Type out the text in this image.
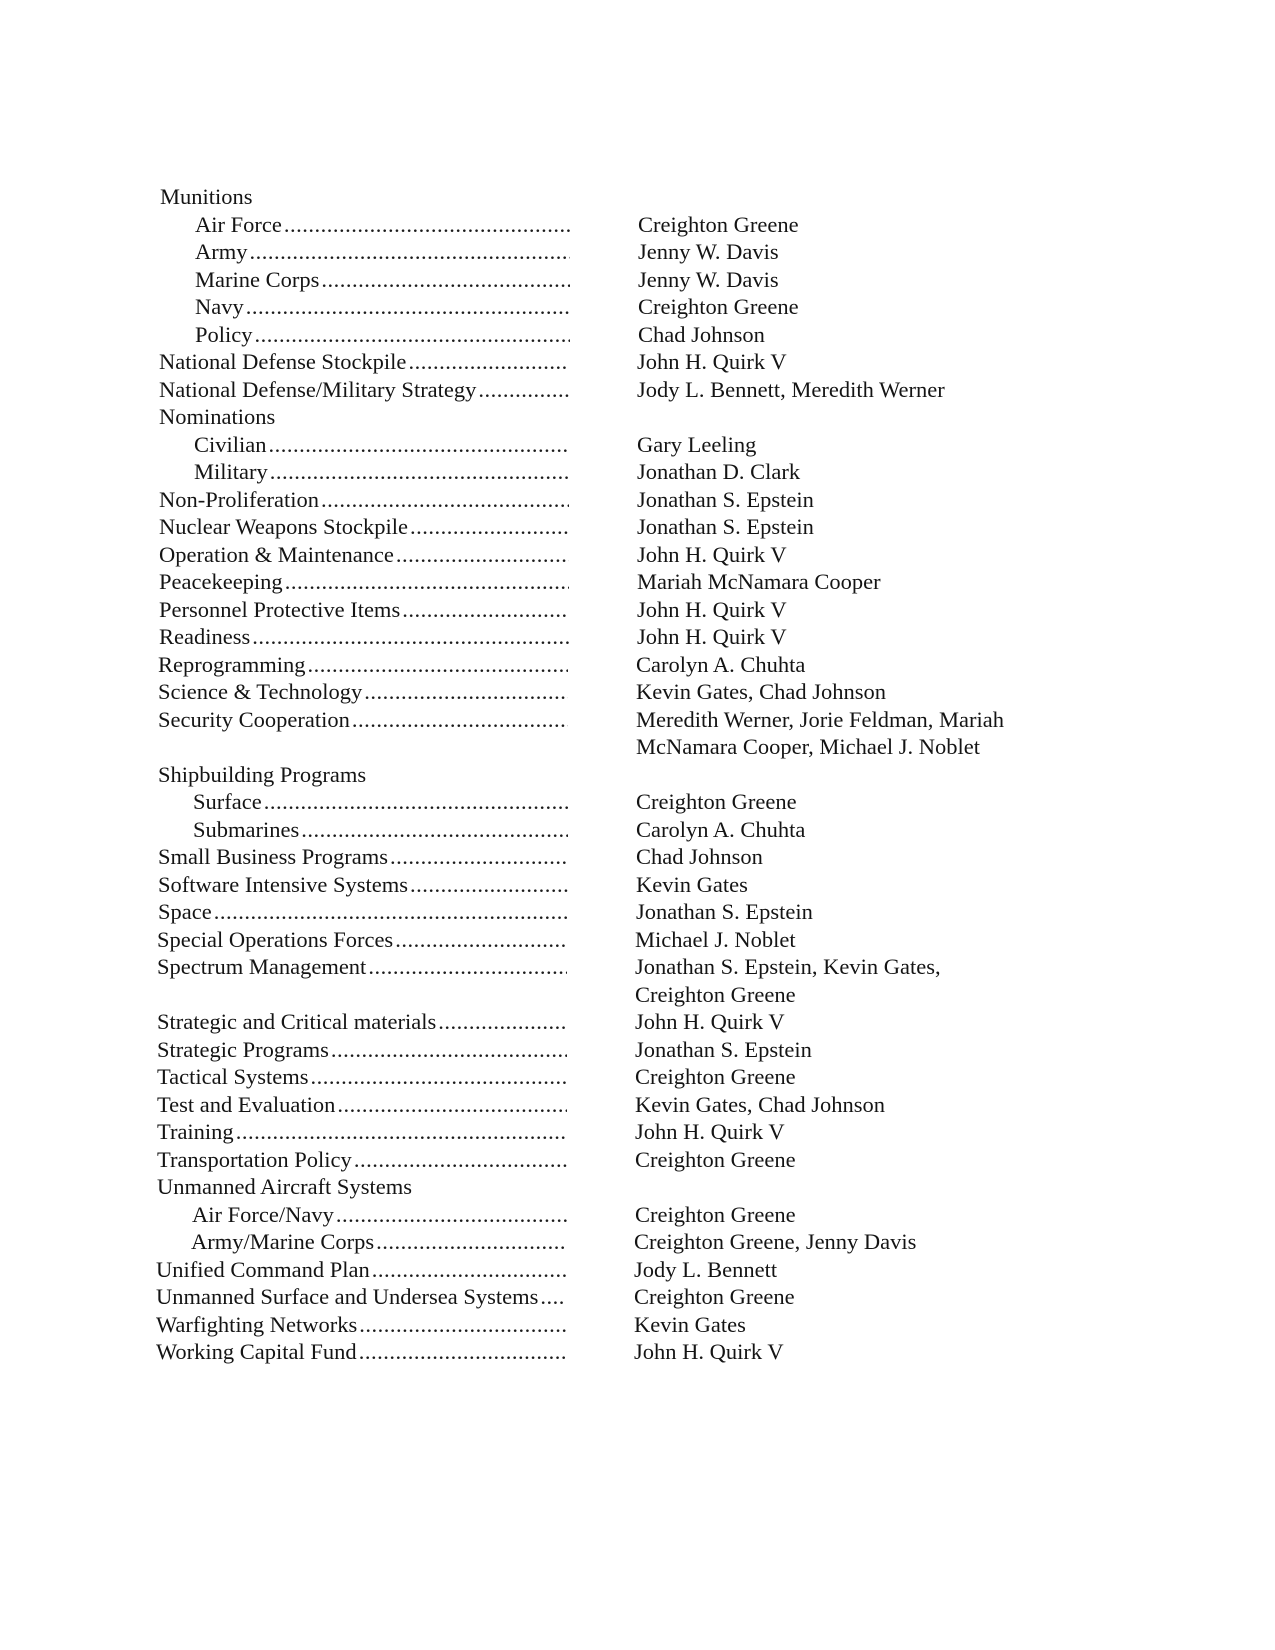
Munitions
Air Force .....	Creighton Greene
Army .....	Jenny W. Davis
Marine Corps .....	Jenny W. Davis
Navy .....	Creighton Greene
Policy .....	Chad Johnson
National Defense Stockpile .....	John H. Quirk V
National Defense/Military Strategy .....	Jody L. Bennett, Meredith Werner
Nominations
Civilian .....	Gary Leeling
Military .....	Jonathan D. Clark
Non-Proliferation .....	Jonathan S. Epstein
Nuclear Weapons Stockpile .....	Jonathan S. Epstein
Operation & Maintenance .....	John H. Quirk V
Peacekeeping .....	Mariah McNamara Cooper
Personnel Protective Items .....	John H. Quirk V
Readiness .....	John H. Quirk V
Reprogramming .....	Carolyn A. Chuhta
Science & Technology .....	Kevin Gates, Chad Johnson
Security Cooperation .....	Meredith Werner, Jorie Feldman, Mariah
McNamara Cooper, Michael J. Noblet
Shipbuilding Programs
Surface .....	Creighton Greene
Submarines .....	Carolyn A. Chuhta
Small Business Programs .....	Chad Johnson
Software Intensive Systems .....	Kevin Gates
Space .....	Jonathan S. Epstein
Special Operations Forces .....	Michael J. Noblet
Spectrum Management .....	Jonathan S. Epstein, Kevin Gates,
Creighton Greene
Strategic and Critical materials .....	John H. Quirk V
Strategic Programs .....	Jonathan S. Epstein
Tactical Systems .....	Creighton Greene
Test and Evaluation .....	Kevin Gates, Chad Johnson
Training .....	John H. Quirk V
Transportation Policy .....	Creighton Greene
Unmanned Aircraft Systems
Air Force/Navy .....	Creighton Greene
Army/Marine Corps .....	Creighton Greene, Jenny Davis
Unified Command Plan .....	Jody L. Bennett
Unmanned Surface and Undersea Systems .....	Creighton Greene
Warfighting Networks .....	Kevin Gates
Working Capital Fund .....	John H. Quirk V
